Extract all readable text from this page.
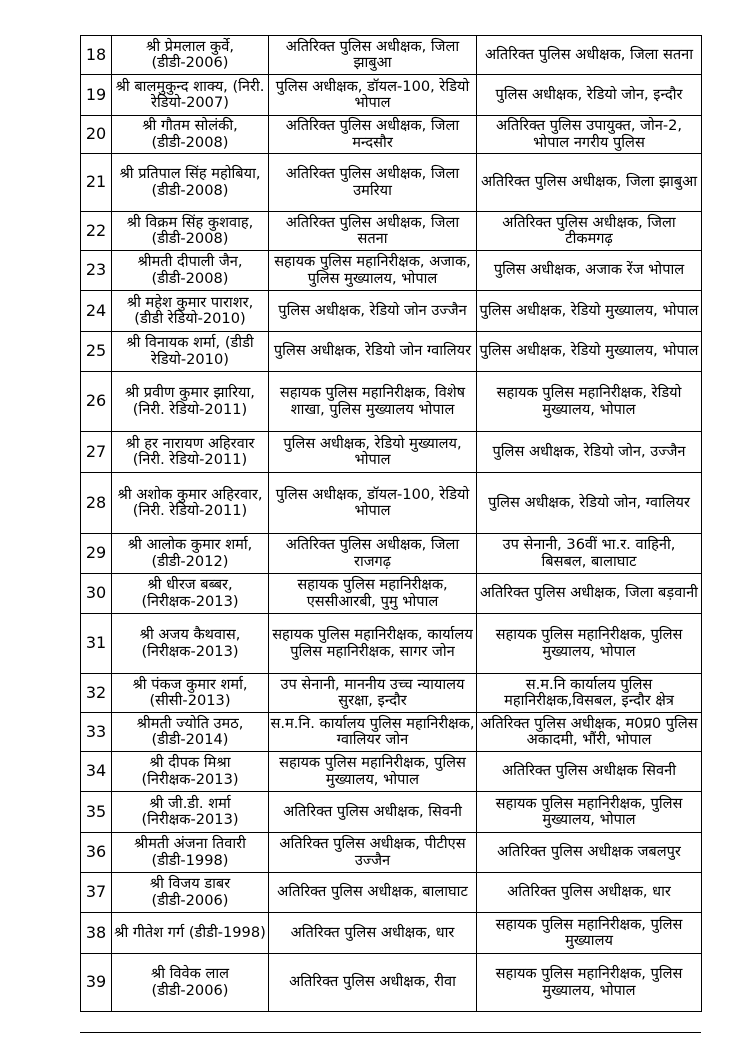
18	श्री प्रेमलाल कुर्वे, (डीडी-2006)	अतिरिक्त पुलिस अधीक्षक, जिला झाबुआ	अतिरिक्त पुलिस अधीक्षक, जिला सतना
19	श्री बालमुकुन्द शाक्य, (निरी. रेडियो-2007)	पुलिस अधीक्षक, डॉयल-100, रेडियो भोपाल	पुलिस अधीक्षक, रेडियो जोन, इन्दौर
20	श्री गौतम सोलंकी, (डीडी-2008)	अतिरिक्त पुलिस अधीक्षक, जिला मन्दसौर	अतिरिक्त पुलिस उपायुक्त, जोन-2, भोपाल नगरीय पुलिस
21	श्री प्रतिपाल सिंह महोबिया, (डीडी-2008)	अतिरिक्त पुलिस अधीक्षक, जिला उमरिया	अतिरिक्त पुलिस अधीक्षक, जिला झाबुआ
22	श्री विक्रम सिंह कुशवाह, (डीडी-2008)	अतिरिक्त पुलिस अधीक्षक, जिला सतना	अतिरिक्त पुलिस अधीक्षक, जिला टीकमगढ़
23	श्रीमती दीपाली जैन, (डीडी-2008)	सहायक पुलिस महानिरीक्षक, अजाक, पुलिस मुख्यालय, भोपाल	पुलिस अधीक्षक, अजाक रेंज भोपाल
24	श्री महेश कुमार पाराशर, (डीडी रेडियो-2010)	पुलिस अधीक्षक, रेडियो जोन उज्जैन	पुलिस अधीक्षक, रेडियो मुख्यालय, भोपाल
25	श्री विनायक शर्मा, (डीडी रेडियो-2010)	पुलिस अधीक्षक, रेडियो जोन ग्वालियर	पुलिस अधीक्षक, रेडियो मुख्यालय, भोपाल
26	श्री प्रवीण कुमार झारिया, (निरी. रेडियो-2011)	सहायक पुलिस महानिरीक्षक, विशेष शाखा, पुलिस मुख्यालय भोपाल	सहायक पुलिस महानिरीक्षक, रेडियो मुख्यालय, भोपाल
27	श्री हर नारायण अहिरवार (निरी. रेडियो-2011)	पुलिस अधीक्षक, रेडियो मुख्यालय, भोपाल	पुलिस अधीक्षक, रेडियो जोन, उज्जैन
28	श्री अशोक कुमार अहिरवार, (निरी. रेडियो-2011)	पुलिस अधीक्षक, डॉयल-100, रेडियो भोपाल	पुलिस अधीक्षक, रेडियो जोन, ग्वालियर
29	श्री आलोक कुमार शर्मा, (डीडी-2012)	अतिरिक्त पुलिस अधीक्षक, जिला राजगढ़	उप सेनानी, 36वीं भा.र. वाहिनी, बिसबल, बालाघाट
30	श्री धीरज बब्बर, (निरीक्षक-2013)	सहायक पुलिस महानिरीक्षक, एससीआरबी, पुमु भोपाल	अतिरिक्त पुलिस अधीक्षक, जिला बड़वानी
31	श्री अजय कैथवास, (निरीक्षक-2013)	सहायक पुलिस महानिरीक्षक, कार्यालय पुलिस महानिरीक्षक, सागर जोन	सहायक पुलिस महानिरीक्षक, पुलिस मुख्यालय, भोपाल
32	श्री पंकज कुमार शर्मा, (सीसी-2013)	उप सेनानी, माननीय उच्च न्यायालय सुरक्षा, इन्दौर	स.म.नि कार्यालय पुलिस महानिरीक्षक,विसबल, इन्दौर क्षेत्र
33	श्रीमती ज्योति उमठ, (डीडी-2014)	स.म.नि. कार्यालय पुलिस महानिरीक्षक, ग्वालियर जोन	अतिरिक्त पुलिस अधीक्षक, म0प्र0 पुलिस अकादमी, भौंरी, भोपाल
34	श्री दीपक मिश्रा (निरीक्षक-2013)	सहायक पुलिस महानिरीक्षक, पुलिस मुख्यालय, भोपाल	अतिरिक्त पुलिस अधीक्षक सिवनी
35	श्री जी.डी. शर्मा (निरीक्षक-2013)	अतिरिक्त पुलिस अधीक्षक, सिवनी	सहायक पुलिस महानिरीक्षक, पुलिस मुख्यालय, भोपाल
36	श्रीमती अंजना तिवारी (डीडी-1998)	अतिरिक्त पुलिस अधीक्षक, पीटीएस उज्जैन	अतिरिक्त पुलिस अधीक्षक जबलपुर
37	श्री विजय डाबर (डीडी-2006)	अतिरिक्त पुलिस अधीक्षक, बालाघाट	अतिरिक्त पुलिस अधीक्षक, धार
38	श्री गीतेश गर्ग (डीडी-1998)	अतिरिक्त पुलिस अधीक्षक, धार	सहायक पुलिस महानिरीक्षक, पुलिस मुख्यालय
39	श्री विवेक लाल (डीडी-2006)	अतिरिक्त पुलिस अधीक्षक, रीवा	सहायक पुलिस महानिरीक्षक, पुलिस मुख्यालय, भोपाल
